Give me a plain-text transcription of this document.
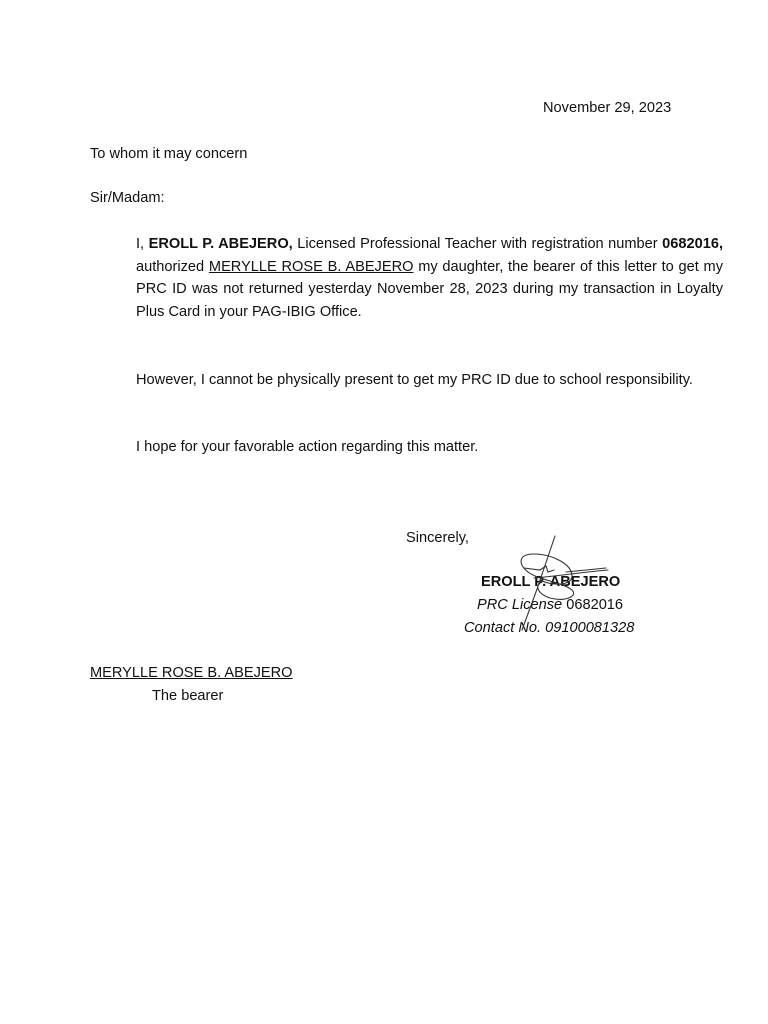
November 29, 2023
To whom it may concern
Sir/Madam:
I, EROLL P. ABEJERO, Licensed Professional Teacher with registration number 0682016, authorized MERYLLE ROSE B. ABEJERO my daughter, the bearer of this letter to get my PRC ID was not returned yesterday November 28, 2023 during my transaction in Loyalty Plus Card in your PAG-IBIG Office.
However, I cannot be physically present to get my PRC ID due to school responsibility.
I hope for your favorable action regarding this matter.
Sincerely,
EROLL P. ABEJERO
PRC License 0682016
Contact No. 09100081328
MERYLLE ROSE B. ABEJERO
The bearer
